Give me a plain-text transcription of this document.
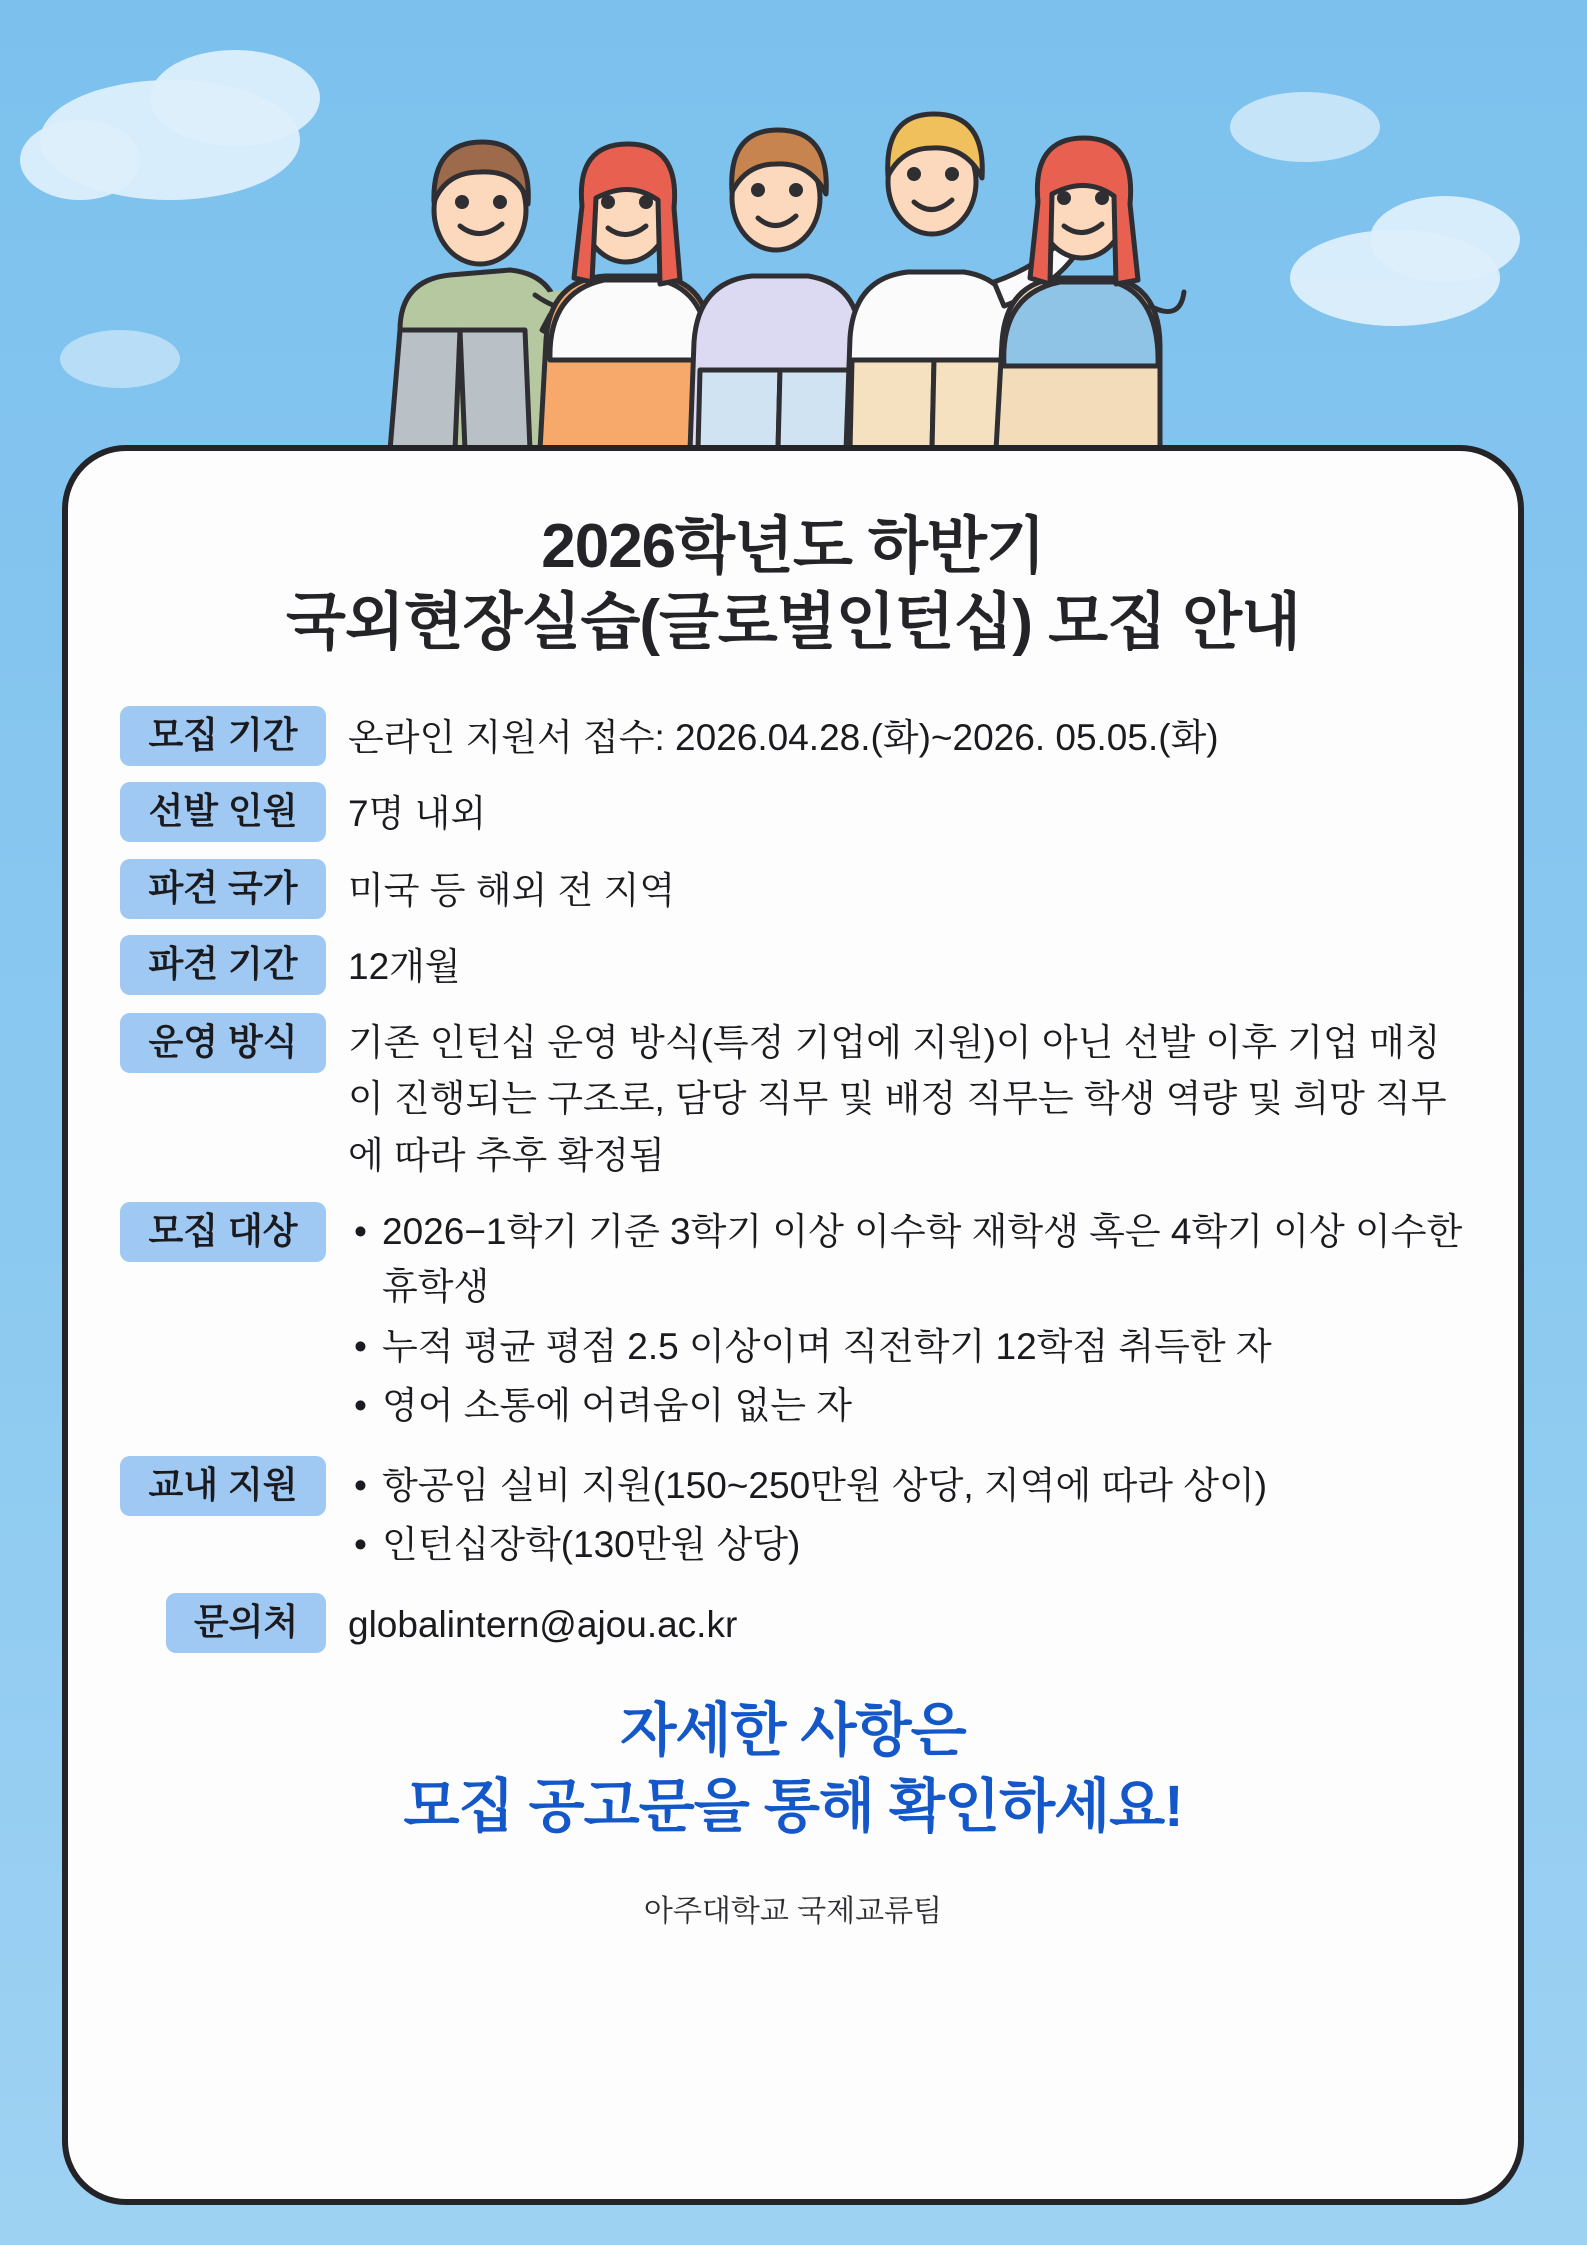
2026학년도 하반기
국외현장실습(글로벌인턴십) 모집 안내
모집 기간	온라인 지원서 접수: 2026.04.28.(화)~2026. 05.05.(화)
선발 인원	7명 내외
파견 국가	미국 등 해외 전 지역
파견 기간	12개월
운영 방식	기존 인턴십 운영 방식(특정 기업에 지원)이 아닌 선발 이후 기업 매칭이 진행되는 구조로, 담당 직무 및 배정 직무는 학생 역량 및 희망 직무에 따라 추후 확정됨
모집 대상	• 2026−1학기 기준 3학기 이상 이수학 재학생 혹은 4학기 이상 이수한 휴학생
• 누적 평균 평점 2.5 이상이며 직전학기 12학점 취득한 자
• 영어 소통에 어려움이 없는 자
교내 지원	• 항공임 실비 지원(150~250만원 상당, 지역에 따라 상이)
• 인턴십장학(130만원 상당)
문의처	globalintern@ajou.ac.kr
자세한 사항은
모집 공고문을 통해 확인하세요!
아주대학교 국제교류팀
